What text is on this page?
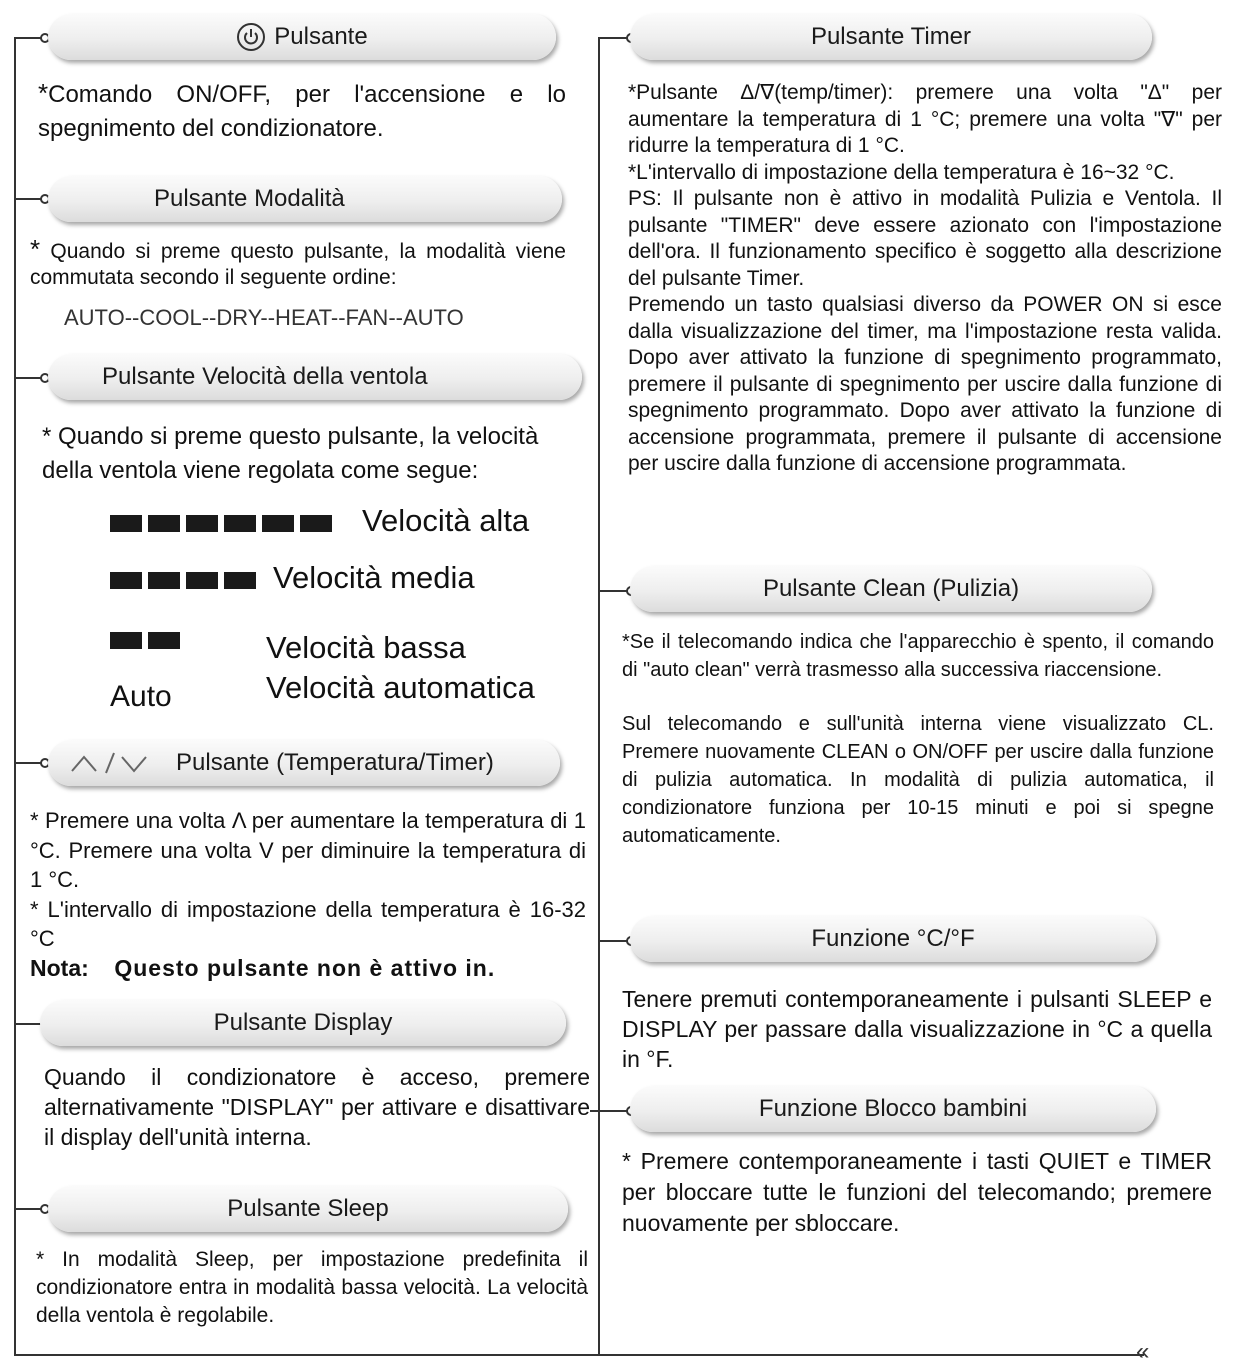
Pulsante
*Comando ON/OFF, per l'accensione e lo spegnimento del condizionatore.
Pulsante Modalità
* Quando si preme questo pulsante, la modalità viene commutata secondo il seguente ordine:
AUTO--COOL--DRY--HEAT--FAN--AUTO
Pulsante Velocità della ventola
* Quando si preme questo pulsante, la velocità della ventola viene regolata come segue:
Velocità alta
Velocità media
Velocità bassa
Auto	Velocità automatica
Pulsante (Temperatura/Timer)

* Premere una volta Λ per aumentare la temperatura di 1 °C. Premere una volta V per diminuire la temperatura di 1 °C.

* L'intervallo di impostazione della temperatura è 16-32 °C

Nota: Questo pulsante non è attivo in.

Pulsante Display
Quando il condizionatore è acceso, premere alternativamente "DISPLAY" per attivare e disattivare il display dell'unità interna.
Pulsante Sleep
* In modalità Sleep, per impostazione predefinita il condizionatore entra in modalità bassa velocità. La velocità della ventola è regolabile.
Pulsante Timer

*Pulsante Δ/∇(temp/timer): premere una volta "Δ" per aumentare la temperatura di 1 °C; premere una volta "∇" per ridurre la temperatura di 1 °C.

*L'intervallo di impostazione della temperatura è 16~32 °C.

PS: Il pulsante non è attivo in modalità Pulizia e Ventola. Il pulsante "TIMER" deve essere azionato con l'impostazione dell'ora. Il funzionamento specifico è soggetto alla descrizione del pulsante Timer.

Premendo un tasto qualsiasi diverso da POWER ON si esce dalla visualizzazione del timer, ma l'impostazione resta valida. Dopo aver attivato la funzione di spegnimento programmato, premere il pulsante di spegnimento per uscire dalla funzione di spegnimento programmato. Dopo aver attivato la funzione di accensione programmata, premere il pulsante di accensione per uscire dalla funzione di accensione programmata.

Pulsante Clean (Pulizia)

*Se il telecomando indica che l'apparecchio è spento, il comando di "auto clean" verrà trasmesso alla successiva riaccensione.

Sul telecomando e sull'unità interna viene visualizzato CL. Premere nuovamente CLEAN o ON/OFF per uscire dalla funzione di pulizia automatica. In modalità di pulizia automatica, il condizionatore funziona per 10-15 minuti e poi si spegne automaticamente.

Funzione °C/°F
Tenere premuti contemporaneamente i pulsanti SLEEP e DISPLAY per passare dalla visualizzazione in °C a quella in °F.
Funzione Blocco bambini
* Premere contemporaneamente i tasti QUIET e TIMER per bloccare tutte le funzioni del telecomando; premere nuovamente per sbloccare.
«
